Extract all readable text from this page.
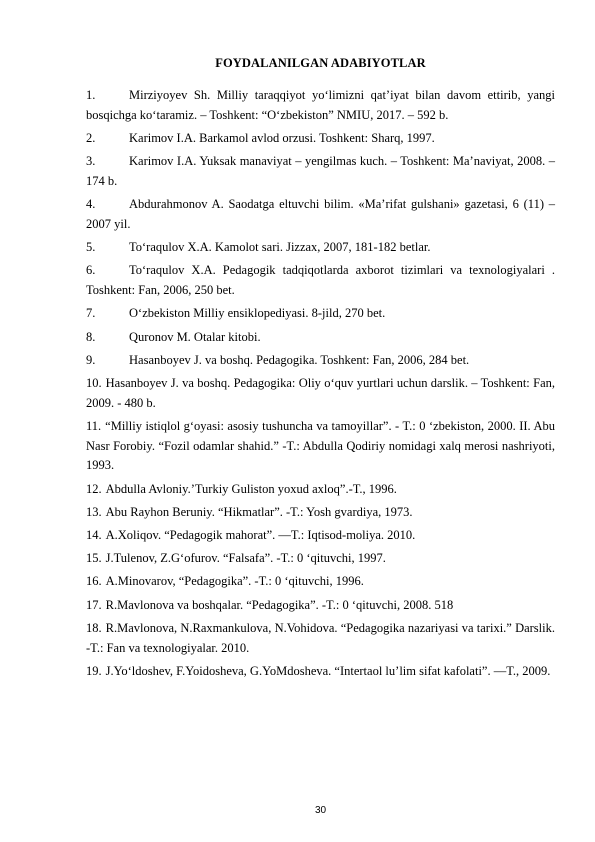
FOYDALANILGAN ADABIYOTLAR

1.	Mirziyoyev Sh. Milliy taraqqiyot yo‘limizni qat’iyat bilan davom ettirib, yangi bosqichga ko‘taramiz. – Toshkent: “O‘zbekiston” NMIU, 2017. – 592 b.

2.	Karimov I.A. Barkamol avlod orzusi. Toshkent: Sharq, 1997.

3.	Karimov I.A. Yuksak manaviyat – yengilmas kuch. – Toshkent: Ma’naviyat, 2008. – 174 b.

4.	Abdurahmonov A. Saodatga eltuvchi bilim. «Ma’rifat gulshani» gazetasi, 6 (11) – 2007 yil.

5.	To‘raqulov X.A. Kamolot sari. Jizzax, 2007, 181-182 betlar.

6.	To‘raqulov X.A. Pedagogik tadqiqotlarda axborot tizimlari va texnologiyalari . Toshkent: Fan, 2006, 250 bet.

7.	O‘zbekiston Milliy ensiklopediyasi. 8-jild, 270 bet.

8.	Quronov M. Otalar kitobi.

9.	Hasanboyev J. va boshq. Pedagogika. Toshkent: Fan, 2006, 284 bet.

10. Hasanboyev J. va boshq. Pedagogika: Oliy o‘quv yurtlari uchun darslik. – Toshkent: Fan, 2009. - 480 b.

11. “Milliy istiqlol g‘oyasi: asosiy tushuncha va tamoyillar”. - T.: 0 ‘zbekiston, 2000. II. Abu Nasr Forobiy. “Fozil odamlar shahid.” -T.: Abdulla Qodiriy nomidagi xalq merosi nashriyoti, 1993.

12. Abdulla Avloniy.’Turkiy Guliston yoxud axloq”.-T., 1996.

13. Abu Rayhon Beruniy. “Hikmatlar”. -T.: Yosh gvardiya, 1973.

14. A.Xoliqov. “Pedagogik mahorat”. —T.: Iqtisod-moliya. 2010.

15. J.Tulenov, Z.G‘ofurov. “Falsafa”. -T.: 0 ‘qituvchi, 1997.

16. A.Minovarov, “Pedagogika”. -T.: 0 ‘qituvchi, 1996.

17. R.Mavlonova va boshqalar. “Pedagogika”. -T.: 0 ‘qituvchi, 2008. 518

18. R.Mavlonova, N.Raxmankulova, N.Vohidova. “Pedagogika nazariyasi va tarixi.” Darslik. -T.: Fan va texnologiyalar. 2010.

19. J.Yo‘ldoshev, F.Yoidosheva, G.YoMdosheva. “Intertaol lu’lim sifat kafolati”. —T., 2009.

30
